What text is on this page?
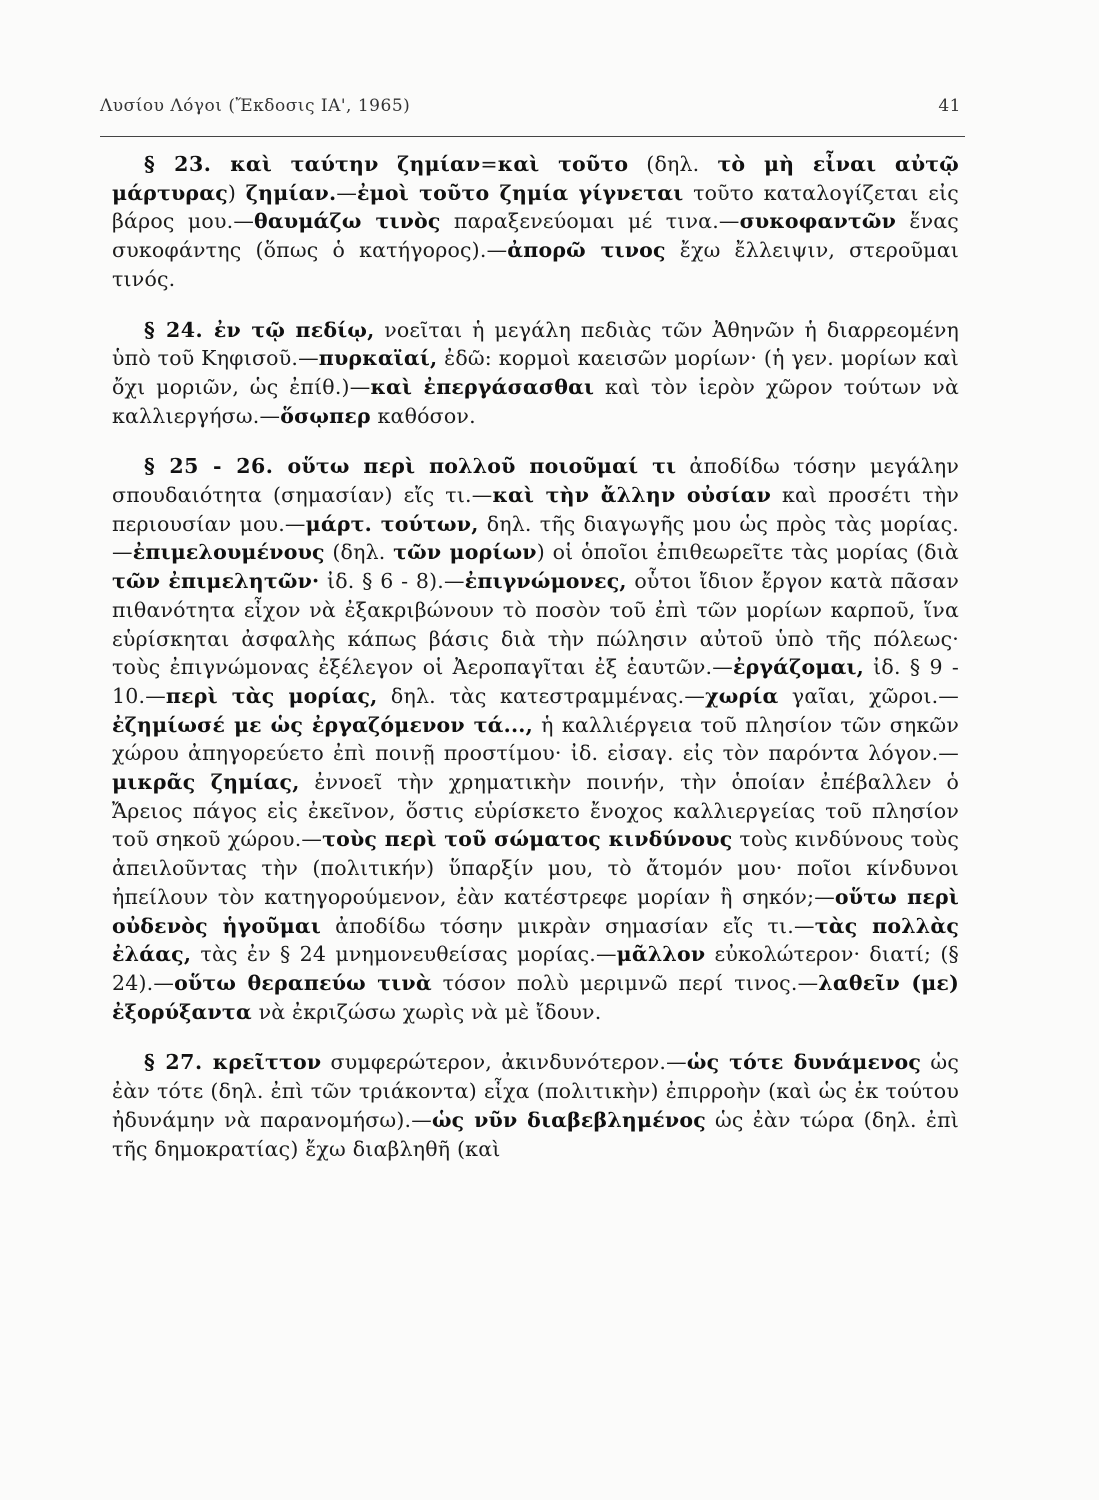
Λυσίου Λόγοι (Ἔκδοσις ΙΑ', 1965)	41

§ 23. καὶ ταύτην ζημίαν=καὶ τοῦτο (δηλ. τὸ μὴ εἶναι αὐτῷ μάρτυρας) ζημίαν.—ἐμοὶ τοῦτο ζημία γίγνεται τοῦτο καταλογίζεται εἰς βάρος μου.—θαυμάζω τινὸς παραξενεύομαι μέ τινα.—συκοφαντῶν ἕνας συκοφάντης (ὅπως ὁ κατήγορος).—ἀπορῶ τινος ἔχω ἔλλειψιν, στεροῦμαι τινός.

§ 24. ἐν τῷ πεδίῳ, νοεῖται ἡ μεγάλη πεδιὰς τῶν Ἀθηνῶν ἡ διαρρεομένη ὑπὸ τοῦ Κηφισοῦ.—πυρκαϊαί, ἐδῶ: κορμοὶ καεισῶν μορίων· (ἡ γεν. μορίων καὶ ὄχι μοριῶν, ὡς ἐπίθ.)—καὶ ἐπεργάσασθαι καὶ τὸν ἱερὸν χῶρον τούτων νὰ καλλιεργήσω.—ὅσῳπερ καθόσον.

§ 25 - 26. οὕτω περὶ πολλοῦ ποιοῦμαί τι ἀποδίδω τόσην μεγάλην σπουδαιότητα (σημασίαν) εἴς τι.—καὶ τὴν ἄλλην οὐσίαν καὶ προσέτι τὴν περιουσίαν μου.—μάρτ. τούτων, δηλ. τῆς διαγωγῆς μου ὡς πρὸς τὰς μορίας.—ἐπιμελουμένους (δηλ. τῶν μορίων) οἱ ὁποῖοι ἐπιθεωρεῖτε τὰς μορίας (διὰ τῶν ἐπιμελητῶν· ἰδ. § 6 - 8).—ἐπιγνώμονες, οὗτοι ἴδιον ἔργον κατὰ πᾶσαν πιθανότητα εἶχον νὰ ἐξακριβώνουν τὸ ποσὸν τοῦ ἐπὶ τῶν μορίων καρποῦ, ἵνα εὑρίσκηται ἀσφαλὴς κάπως βάσις διὰ τὴν πώλησιν αὐτοῦ ὑπὸ τῆς πόλεως· τοὺς ἐπιγνώμονας ἐξέλεγον οἱ Ἀεροπαγῖται ἐξ ἑαυτῶν.—ἐργάζομαι, ἰδ. § 9 - 10.—περὶ τὰς μορίας, δηλ. τὰς κατεστραμμένας.—χωρία γαῖαι, χῶροι.—ἐζημίωσέ με ὡς ἐργαζόμενον τά..., ἡ καλλιέργεια τοῦ πλησίον τῶν σηκῶν χώρου ἀπηγορεύετο ἐπὶ ποινῇ προστίμου· ἰδ. εἰσαγ. εἰς τὸν παρόντα λόγον.—μικρᾶς ζημίας, ἐννοεῖ τὴν χρηματικὴν ποινήν, τὴν ὁποίαν ἐπέβαλλεν ὁ Ἄρειος πάγος εἰς ἐκεῖνον, ὅστις εὑρίσκετο ἔνοχος καλλιεργείας τοῦ πλησίον τοῦ σηκοῦ χώρου.—τοὺς περὶ τοῦ σώματος κινδύνους τοὺς κινδύνους τοὺς ἀπειλοῦντας τὴν (πολιτικήν) ὕπαρξίν μου, τὸ ἄτομόν μου· ποῖοι κίνδυνοι ἠπείλουν τὸν κατηγορούμενον, ἐὰν κατέστρεφε μορίαν ἢ σηκόν;—οὕτω περὶ οὐδενὸς ἡγοῦμαι ἀποδίδω τόσην μικρὰν σημασίαν εἴς τι.—τὰς πολλὰς ἐλάας, τὰς ἐν § 24 μνημονευθείσας μορίας.—μᾶλλον εὐκολώτερον· διατί; (§ 24).—οὕτω θεραπεύω τινὰ τόσον πολὺ μεριμνῶ περί τινος.—λαθεῖν (με) ἐξορύξαντα νὰ ἐκριζώσω χωρὶς νὰ μὲ ἴδουν.

§ 27. κρεῖττον συμφερώτερον, ἀκινδυνότερον.—ὡς τότε δυνάμενος ὡς ἐὰν τότε (δηλ. ἐπὶ τῶν τριάκοντα) εἶχα (πολιτικὴν) ἐπιρροὴν (καὶ ὡς ἐκ τούτου ἠδυνάμην νὰ παρανομήσω).—ὡς νῦν διαβεβλημένος ὡς ἐὰν τώρα (δηλ. ἐπὶ τῆς δημοκρατίας) ἔχω διαβληθῆ (καὶ
